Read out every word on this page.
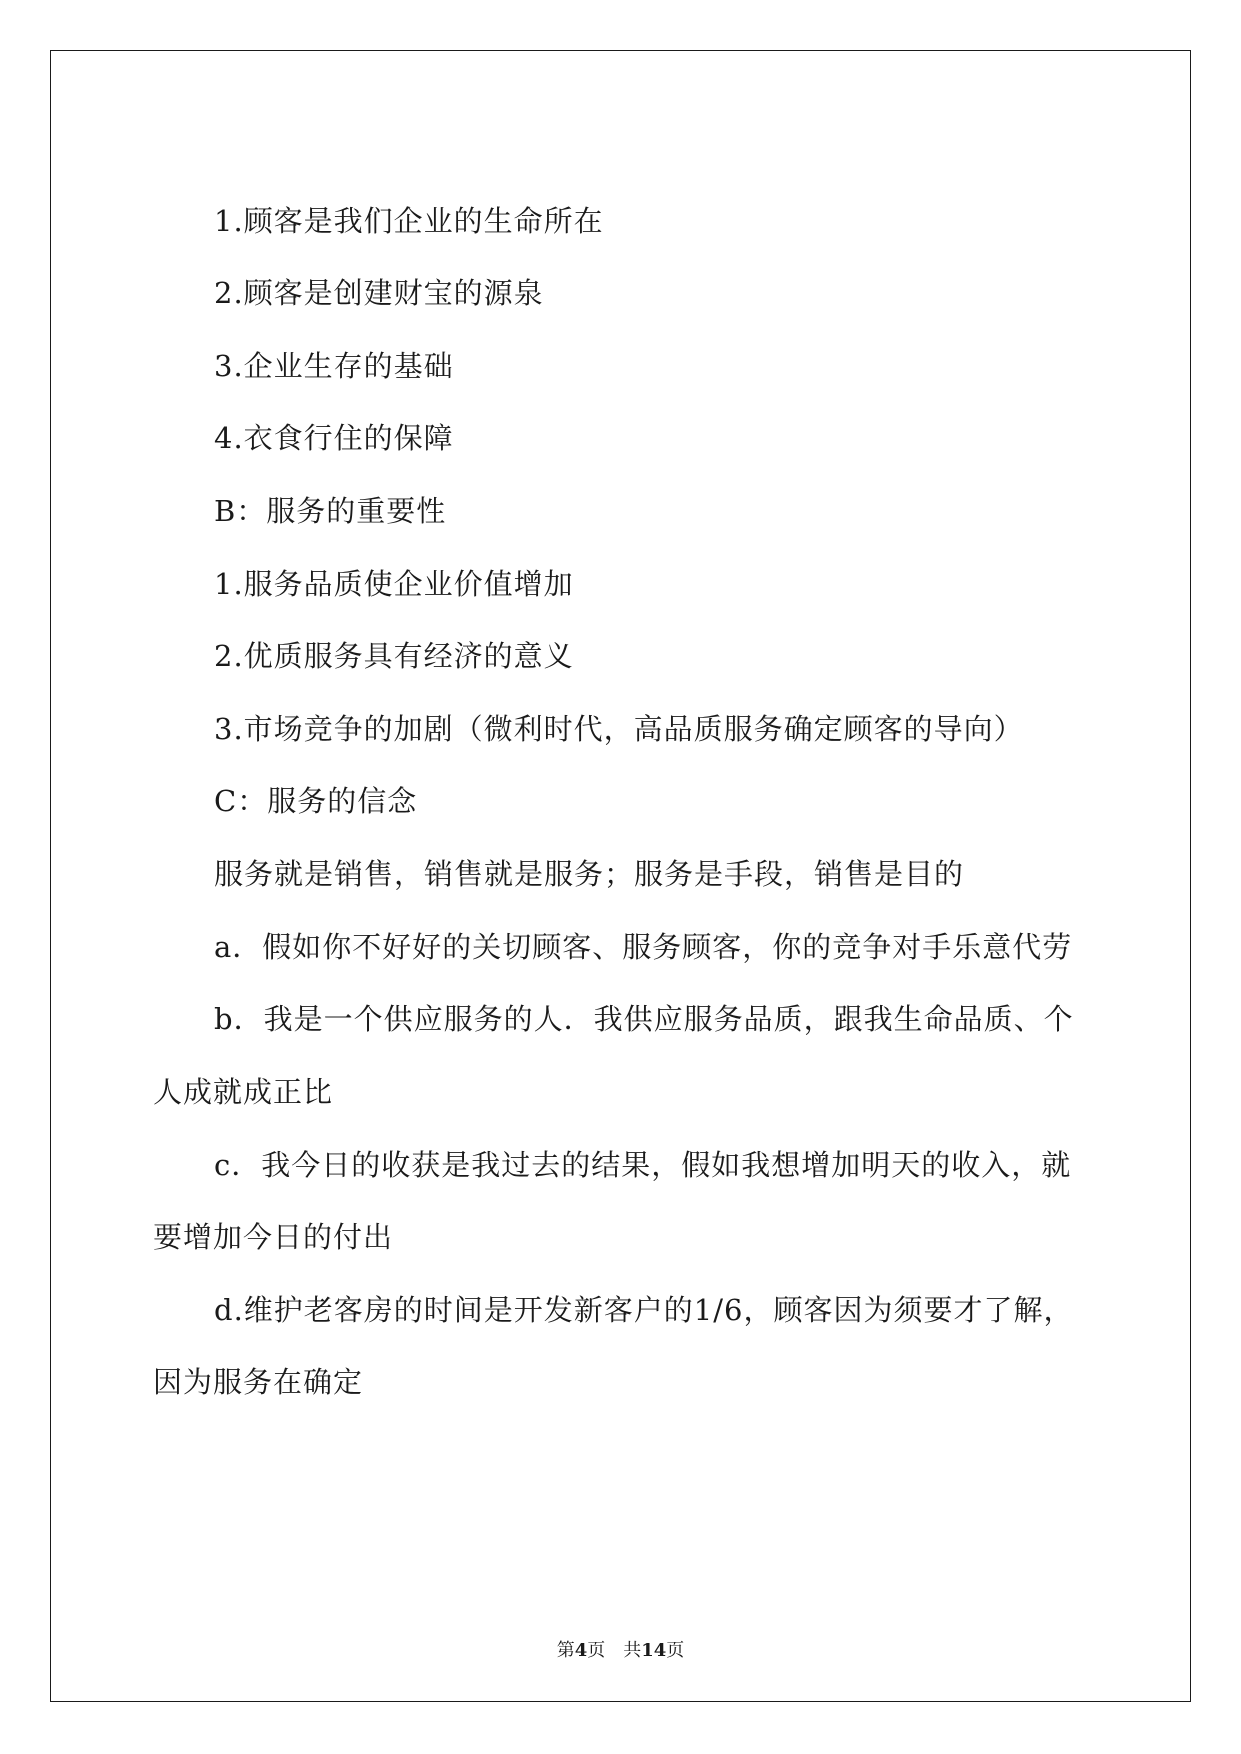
1.顾客是我们企业的生命所在
2.顾客是创建财宝的源泉
3.企业生存的基础
4.衣食行住的保障
B：服务的重要性
1.服务品质使企业价值增加
2.优质服务具有经济的意义
3.市场竞争的加剧（微利时代，高品质服务确定顾客的导向）
C：服务的信念
服务就是销售，销售就是服务；服务是手段，销售是目的
a．假如你不好好的关切顾客、服务顾客，你的竞争对手乐意代劳
b．我是一个供应服务的人．我供应服务品质，跟我生命品质、个
人成就成正比
c．我今日的收获是我过去的结果，假如我想增加明天的收入，就
要增加今日的付出
d.维护老客房的时间是开发新客户的1/6，顾客因为须要才了解，
因为服务在确定
第4页 共14页
